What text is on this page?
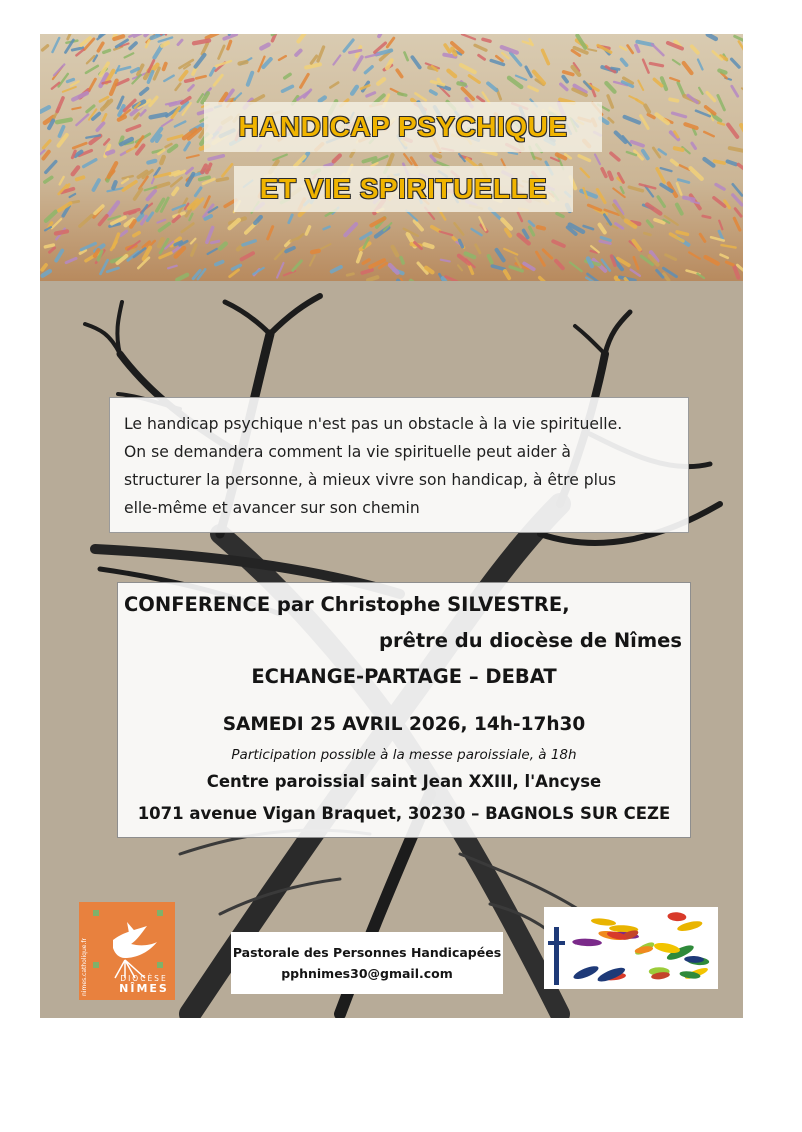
HANDICAP PSYCHIQUE
ET VIE SPIRITUELLE
Le handicap psychique n'est pas un obstacle à la vie spirituelle.
On se demandera comment la vie spirituelle peut aider à
structurer la personne, à mieux vivre son handicap, à être plus
elle-même et avancer sur son chemin
CONFERENCE par Christophe SILVESTRE,
prêtre du diocèse de Nîmes
ECHANGE-PARTAGE – DEBAT
SAMEDI 25 AVRIL 2026, 14h-17h30
Participation possible à la messe paroissiale, à 18h
Centre paroissial saint Jean XXIII, l'Ancyse
1071 avenue Vigan Braquet, 30230 – BAGNOLS SUR CEZE
nimes.catholique.fr	DIOCÈSE
NÎMES
Pastorale des Personnes Handicapées
pphnimes30@gmail.com
